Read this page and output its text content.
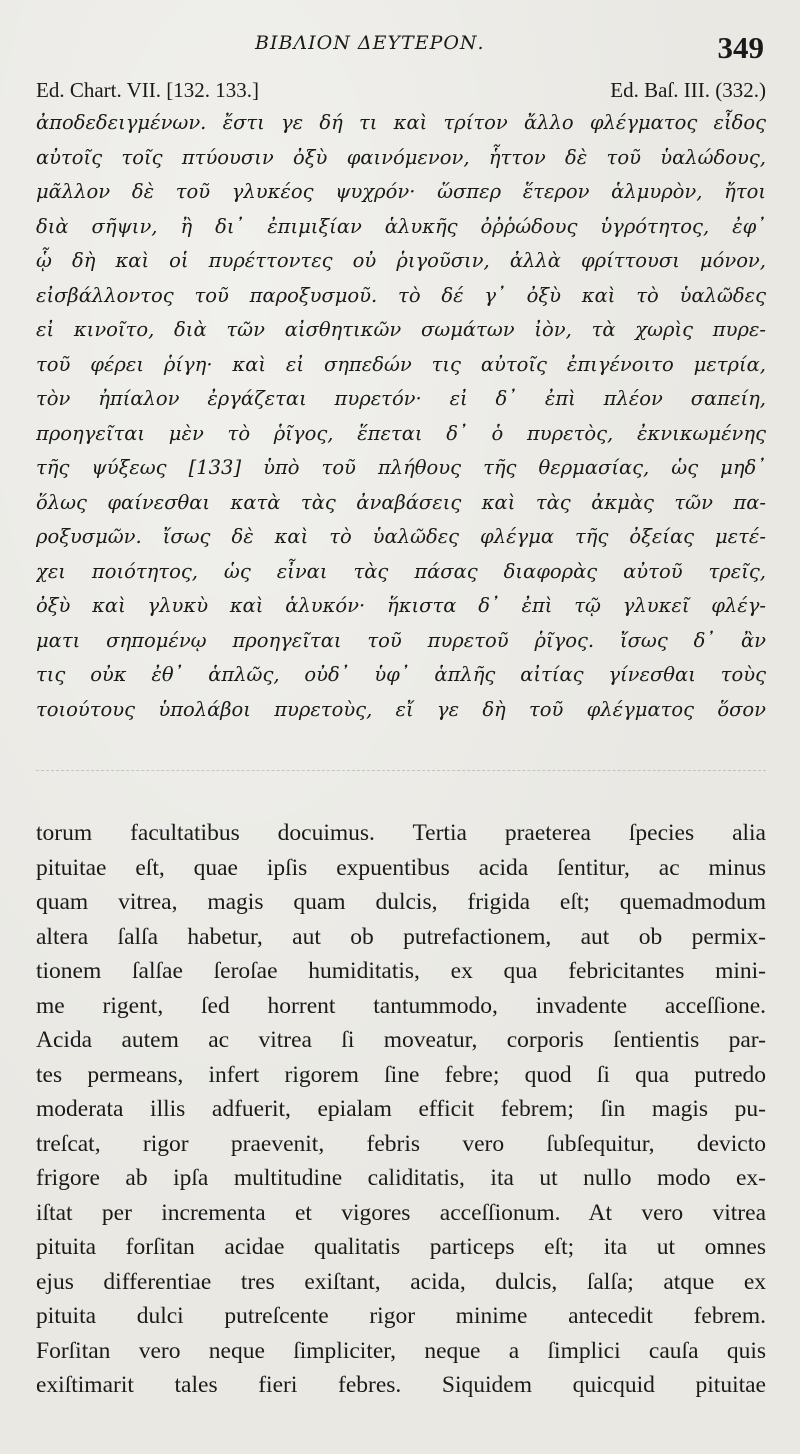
ΒΙΒΛΙΟΝ ΔΕΥΤΕΡΟΝ.	349
Ed. Chart. VII. [132. 133.]	Ed. Baſ. III. (332.)
ἀποδεδειγμένων. ἔστι γε δή τι καὶ τρίτον ἄλλο φλέγματος εἶδος
αὐτοῖς τοῖς πτύουσιν ὀξὺ φαινόμενον, ἧττον δὲ τοῦ ὑαλώδους,
μᾶλλον δὲ τοῦ γλυκέος ψυχρόν· ὥσπερ ἕτερον ἁλμυρὸν, ἤτοι
διὰ σῆψιν, ἢ δι᾽ ἐπιμιξίαν ἁλυκῆς ὀῤῥώδους ὑγρότητος, ἐφ᾽
ᾧ δὴ καὶ οἱ πυρέττοντες οὐ ῥιγοῦσιν, ἀλλὰ φρίττουσι μόνον,
εἰσβάλλοντος τοῦ παροξυσμοῦ. τὸ δέ γ᾽ ὀξὺ καὶ τὸ ὑαλῶδες
εἰ κινοῖτο, διὰ τῶν αἰσθητικῶν σωμάτων ἰὸν, τὰ χωρὶς πυρε-
τοῦ φέρει ῥίγη· καὶ εἰ σηπεδών τις αὐτοῖς ἐπιγένοιτο μετρία,
τὸν ἠπίαλον ἐργάζεται πυρετόν· εἰ δ᾽ ἐπὶ πλέον σαπείη,
προηγεῖται μὲν τὸ ῥῖγος, ἕπεται δ᾽ ὁ πυρετὸς, ἐκνικωμένης
τῆς ψύξεως [133] ὑπὸ τοῦ πλήθους τῆς θερμασίας, ὡς μηδ᾽
ὅλως φαίνεσθαι κατὰ τὰς ἀναβάσεις καὶ τὰς ἀκμὰς τῶν πα-
ροξυσμῶν. ἴσως δὲ καὶ τὸ ὑαλῶδες φλέγμα τῆς ὀξείας μετέ-
χει ποιότητος, ὡς εἶναι τὰς πάσας διαφορὰς αὐτοῦ τρεῖς,
ὀξὺ καὶ γλυκὺ καὶ ἁλυκόν· ἥκιστα δ᾽ ἐπὶ τῷ γλυκεῖ φλέγ-
ματι σηπομένῳ προηγεῖται τοῦ πυρετοῦ ῥῖγος. ἴσως δ᾽ ἂν
τις οὐκ ἐθ᾽ ἁπλῶς, οὐδ᾽ ὑφ᾽ ἁπλῆς αἰτίας γίνεσθαι τοὺς
τοιούτους ὑπολάβοι πυρετοὺς, εἴ γε δὴ τοῦ φλέγματος ὅσον
torum facultatibus docuimus. Tertia praeterea ſpecies alia
pituitae eſt, quae ipſis expuentibus acida ſentitur, ac minus
quam vitrea, magis quam dulcis, frigida eſt; quemadmodum
altera ſalſa habetur, aut ob putrefactionem, aut ob permix-
tionem ſalſae ſeroſae humiditatis, ex qua febricitantes mini-
me rigent, ſed horrent tantummodo, invadente acceſſione.
Acida autem ac vitrea ſi moveatur, corporis ſentientis par-
tes permeans, infert rigorem ſine febre; quod ſi qua putredo
moderata illis adfuerit, epialam efficit febrem; ſin magis pu-
treſcat, rigor praevenit, febris vero ſubſequitur, devicto
frigore ab ipſa multitudine caliditatis, ita ut nullo modo ex-
iſtat per incrementa et vigores acceſſionum. At vero vitrea
pituita forſitan acidae qualitatis particeps eſt; ita ut omnes
ejus differentiae tres exiſtant, acida, dulcis, ſalſa; atque ex
pituita dulci putreſcente rigor minime antecedit febrem.
Forſitan vero neque ſimpliciter, neque a ſimplici cauſa quis
exiſtimarit tales fieri febres. Siquidem quicquid pituitae
